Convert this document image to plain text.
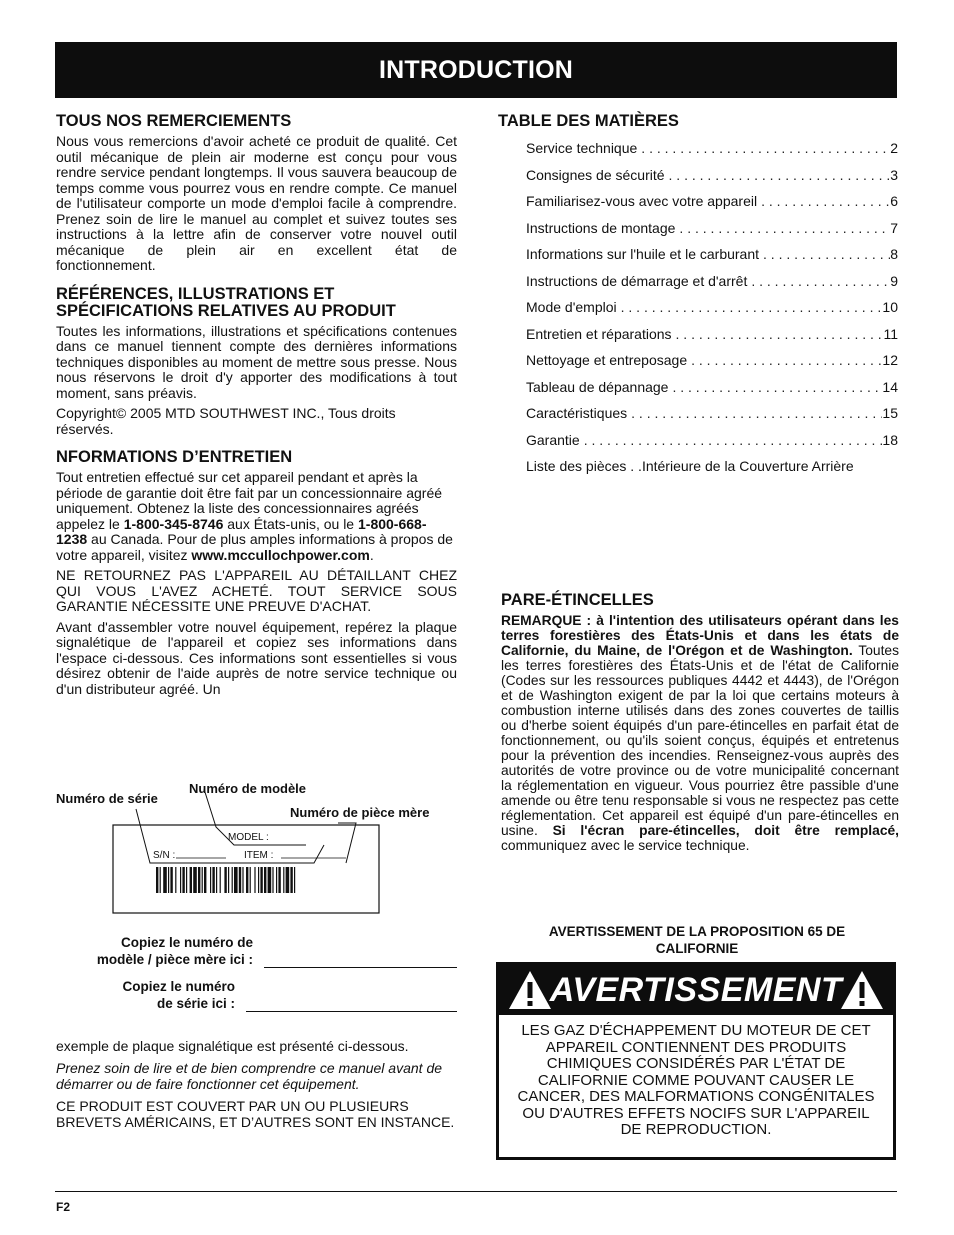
INTRODUCTION
TOUS NOS REMERCIEMENTS

Nous vous remercions d'avoir acheté ce produit de qualité. Cet outil mécanique de plein air moderne est conçu pour vous rendre service pendant longtemps. Il vous sauvera beaucoup de temps comme vous pourrez vous en rendre compte. Ce manuel de l'utilisateur comporte un mode d'emploi facile à comprendre. Prenez soin de lire le manuel au complet et suivez toutes ses instructions à la lettre afin de conserver votre nouvel outil mécanique de plein air en excellent état de

fonctionnement.

RÉFÉRENCES, ILLUSTRATIONS ET
SPÉCIFICATIONS RELATIVES AU PRODUIT

Toutes les informations, illustrations et spécifications contenues dans ce manuel tiennent compte des dernières informations techniques disponibles au moment de mettre sous presse. Nous nous réservons le droit d'y apporter des modifications à tout moment, sans préavis.

Copyright© 2005 MTD SOUTHWEST INC., Tous droits réservés.

NFORMATIONS D’ENTRETIEN

Tout entretien effectué sur cet appareil pendant et après la période de garantie doit être fait par un concessionnaire agréé uniquement. Obtenez la liste des concessionnaires agréés appelez le 1-800-345-8746 aux États-unis, ou le 1-800-668-1238 au Canada. Pour de plus amples informations à propos de votre appareil, visitez www.mccullochpower.com.

NE RETOURNEZ PAS L'APPAREIL AU DÉTAILLANT CHEZ QUI VOUS L'AVEZ ACHETÉ. TOUT SERVICE SOUS GARANTIE NÉCESSITE UNE PREUVE D'ACHAT.

Avant d'assembler votre nouvel équipement, repérez la plaque signalétique de l'appareil et copiez ses informations dans l'espace ci-dessous. Ces informations sont essentielles si vous désirez obtenir de l'aide auprès de notre service technique ou d'un distributeur agréé. Un

Numéro de série
Numéro de modèle
Numéro de pièce mère
MODEL :
S/N :	ITEM :
Copiez le numéro de
modèle / pièce mère ici :
Copiez le numéro
de série ici :

exemple de plaque signalétique est présenté ci-dessous.

Prenez soin de lire et de bien comprendre ce manuel avant de démarrer ou de faire fonctionner cet équipement.

CE PRODUIT EST COUVERT PAR UN OU PLUSIEURS BREVETS AMÉRICAINS, ET D’AUTRES SONT EN INSTANCE.

TABLE DES MATIÈRES
Service technique . . .	2
Consignes de sécurité . . .	3
Familiarisez-vous avec votre appareil . . .	6
Instructions de montage . . .	7
Informations sur l'huile et le carburant . . .	8
Instructions de démarrage et d'arrêt . . .	9
Mode d'emploi . . .	10
Entretien et réparations . . .	11
Nettoyage et entreposage . . .	12
Tableau de dépannage . . .	14
Caractéristiques . . .	15
Garantie . . .	18
Liste des pièces . .Intérieure de la Couverture Arrière
PARE-ÉTINCELLES

REMARQUE : à l'intention des utilisateurs opérant dans les terres forestières des États-Unis et dans les états de Californie, du Maine, de l'Orégon et de Washington. Toutes les terres forestières des États-Unis et de l'état de Californie (Codes sur les ressources publiques 4442 et 4443), de l'Orégon et de Washington exigent de par la loi que certains moteurs à combustion interne utilisés dans des zones couvertes de taillis ou d'herbe soient équipés d'un pare-étincelles en parfait état de fonctionnement, ou qu'ils soient conçus, équipés et entretenus pour la prévention des incendies. Renseignez-vous auprès des autorités de votre province ou de votre municipalité concernant la réglementation en vigueur. Vous pourriez être passible d'une amende ou être tenu responsable si vous ne respectez pas cette réglementation. Cet appareil est équipé d'un pare-étincelles en usine. Si l'écran pare-étincelles, doit être remplacé, communiquez avec le service technique.

AVERTISSEMENT DE LA PROPOSITION 65 DE
CALIFORNIE
AVERTISSEMENT
LES GAZ D'ÉCHAPPEMENT DU MOTEUR DE CET APPAREIL CONTIENNENT DES PRODUITS CHIMIQUES CONSIDÉRÉS PAR L'ÉTAT DE CALIFORNIE COMME POUVANT CAUSER LE CANCER, DES MALFORMATIONS CONGÉNITALES OU D'AUTRES EFFETS NOCIFS SUR L'APPAREIL DE REPRODUCTION.
F2
